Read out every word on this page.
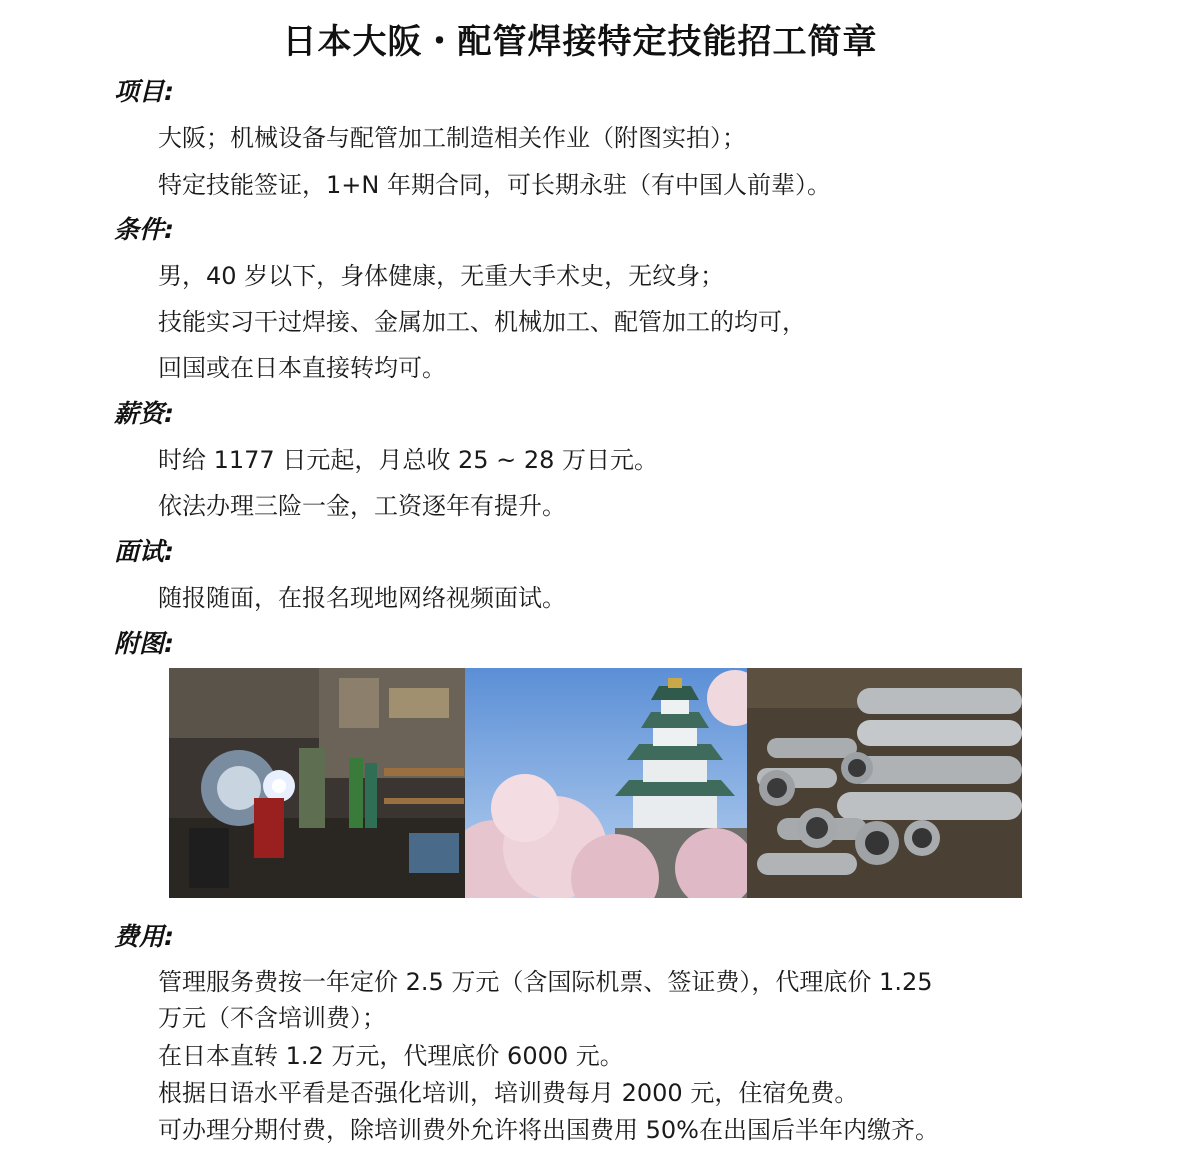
日本大阪・配管焊接特定技能招工简章
项目:
大阪；机械设备与配管加工制造相关作业（附图实拍）；
特定技能签证，1+N 年期合同，可长期永驻（有中国人前辈）。
条件:
男，40 岁以下，身体健康，无重大手术史，无纹身；
技能实习干过焊接、金属加工、机械加工、配管加工的均可，
回国或在日本直接转均可。
薪资:
时给 1177 日元起，月总收 25 ~ 28 万日元。
依法办理三险一金，工资逐年有提升。
面试:
随报随面，在报名现地网络视频面试。
附图:
费用:
管理服务费按一年定价 2.5 万元（含国际机票、签证费），代理底价 1.25
万元（不含培训费）；
在日本直转 1.2 万元，代理底价 6000 元。
根据日语水平看是否强化培训，培训费每月 2000 元，住宿免费。
可办理分期付费，除培训费外允许将出国费用 50%在出国后半年内缴齐。
